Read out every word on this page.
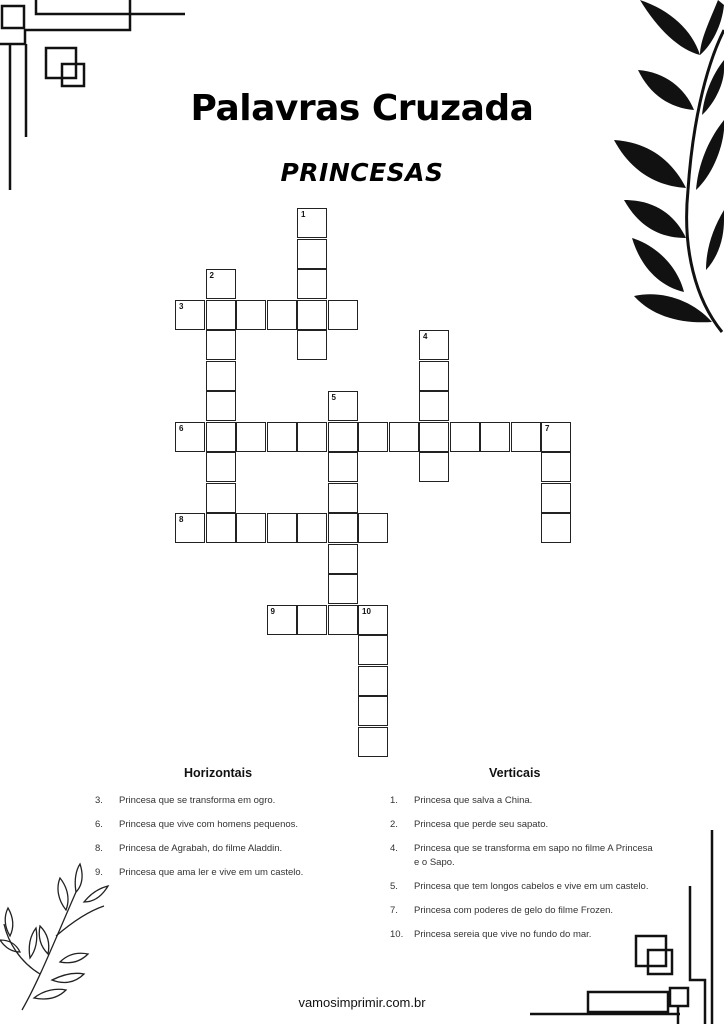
Palavras Cruzada
PRINCESAS
1
2
3
4
5
6	7
8
9	10
Horizontais	Verticais
3. Princesa que se transforma em ogro.
6. Princesa que vive com homens pequenos.
8. Princesa de Agrabah, do filme Aladdin.
9. Princesa que ama ler e vive em um castelo.
1. Princesa que salva a China.
2. Princesa que perde seu sapato.
4. Princesa que se transforma em sapo no filme A Princesa e o Sapo.
5. Princesa que tem longos cabelos e vive em um castelo.
7. Princesa com poderes de gelo do filme Frozen.
10. Princesa sereia que vive no fundo do mar.
vamosimprimir.com.br
